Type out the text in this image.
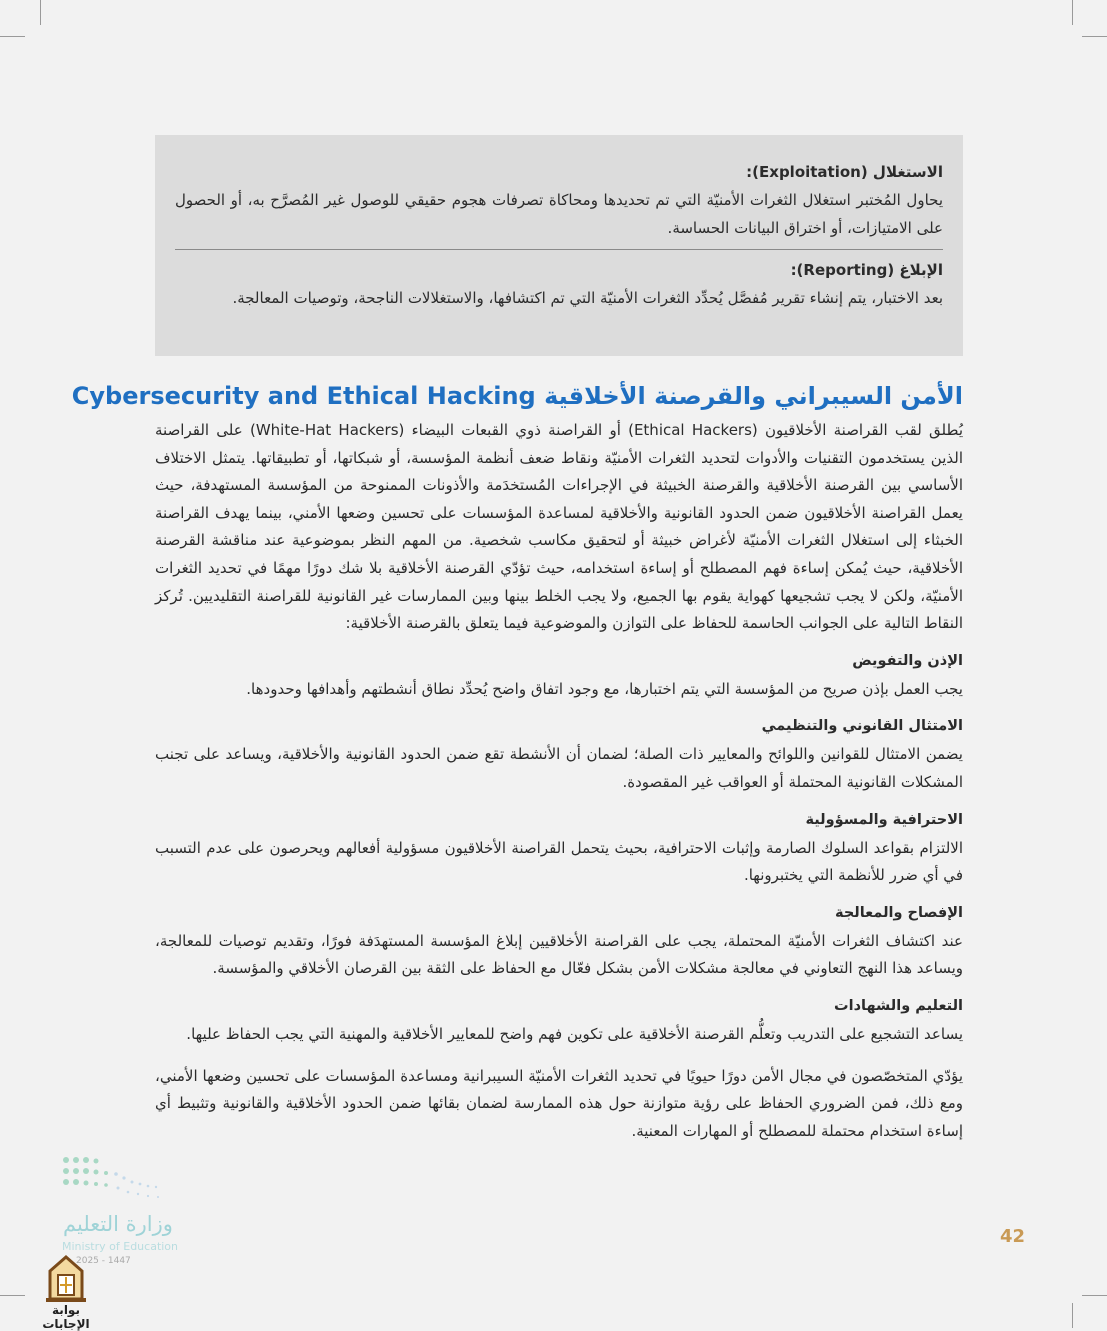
الاستغلال (Exploitation):

يحاول المُختبر استغلال الثغرات الأمنيّة التي تم تحديدها ومحاكاة تصرفات هجوم حقيقي للوصول غير المُصرَّح به، أو الحصول على الامتيازات، أو اختراق البيانات الحساسة.

الإبلاغ (Reporting):

بعد الاختبار، يتم إنشاء تقرير مُفصَّل يُحدِّد الثغرات الأمنيّة التي تم اكتشافها، والاستغلالات الناجحة، وتوصيات المعالجة.

الأمن السيبراني والقرصنة الأخلاقية Cybersecurity and Ethical Hacking

يُطلق لقب القراصنة الأخلاقيون (Ethical Hackers) أو القراصنة ذوي القبعات البيضاء (White-Hat Hackers) على القراصنة الذين يستخدمون التقنيات والأدوات لتحديد الثغرات الأمنيّة ونقاط ضعف أنظمة المؤسسة، أو شبكاتها، أو تطبيقاتها. يتمثل الاختلاف الأساسي بين القرصنة الأخلاقية والقرصنة الخبيثة في الإجراءات المُستخدَمة والأذونات الممنوحة من المؤسسة المستهدفة، حيث يعمل القراصنة الأخلاقيون ضمن الحدود القانونية والأخلاقية لمساعدة المؤسسات على تحسين وضعها الأمني، بينما يهدف القراصنة الخبثاء إلى استغلال الثغرات الأمنيّة لأغراض خبيثة أو لتحقيق مكاسب شخصية. من المهم النظر بموضوعية عند مناقشة القرصنة الأخلاقية، حيث يُمكن إساءة فهم المصطلح أو إساءة استخدامه، حيث تؤدّي القرصنة الأخلاقية بلا شك دورًا مهمًا في تحديد الثغرات الأمنيّة، ولكن لا يجب تشجيعها كهواية يقوم بها الجميع، ولا يجب الخلط بينها وبين الممارسات غير القانونية للقراصنة التقليديين. تُركز النقاط التالية على الجوانب الحاسمة للحفاظ على التوازن والموضوعية فيما يتعلق بالقرصنة الأخلاقية:

الإذن والتفويض

يجب العمل بإذن صريح من المؤسسة التي يتم اختبارها، مع وجود اتفاق واضح يُحدِّد نطاق أنشطتهم وأهدافها وحدودها.

الامتثال القانوني والتنظيمي

يضمن الامتثال للقوانين واللوائح والمعايير ذات الصلة؛ لضمان أن الأنشطة تقع ضمن الحدود القانونية والأخلاقية، ويساعد على تجنب المشكلات القانونية المحتملة أو العواقب غير المقصودة.

الاحترافية والمسؤولية

الالتزام بقواعد السلوك الصارمة وإثبات الاحترافية، بحيث يتحمل القراصنة الأخلاقيون مسؤولية أفعالهم ويحرصون على عدم التسبب في أي ضرر للأنظمة التي يختبرونها.

الإفصاح والمعالجة

عند اكتشاف الثغرات الأمنيّة المحتملة، يجب على القراصنة الأخلاقيين إبلاغ المؤسسة المستهدَفة فورًا، وتقديم توصيات للمعالجة، ويساعد هذا النهج التعاوني في معالجة مشكلات الأمن بشكل فعّال مع الحفاظ على الثقة بين القرصان الأخلاقي والمؤسسة.

التعليم والشهادات

يساعد التشجيع على التدريب وتعلُّم القرصنة الأخلاقية على تكوين فهم واضح للمعايير الأخلاقية والمهنية التي يجب الحفاظ عليها.

يؤدّي المتخصّصون في مجال الأمن دورًا حيويًا في تحديد الثغرات الأمنيّة السيبرانية ومساعدة المؤسسات على تحسين وضعها الأمني، ومع ذلك، فمن الضروري الحفاظ على رؤية متوازنة حول هذه الممارسة لضمان بقائها ضمن الحدود الأخلاقية والقانونية وتثبيط أي إساءة استخدام محتملة للمصطلح أو المهارات المعنية.

وزارة التعليم
Ministry of Education
2025 - 1447
42
بوابة الإجابات
